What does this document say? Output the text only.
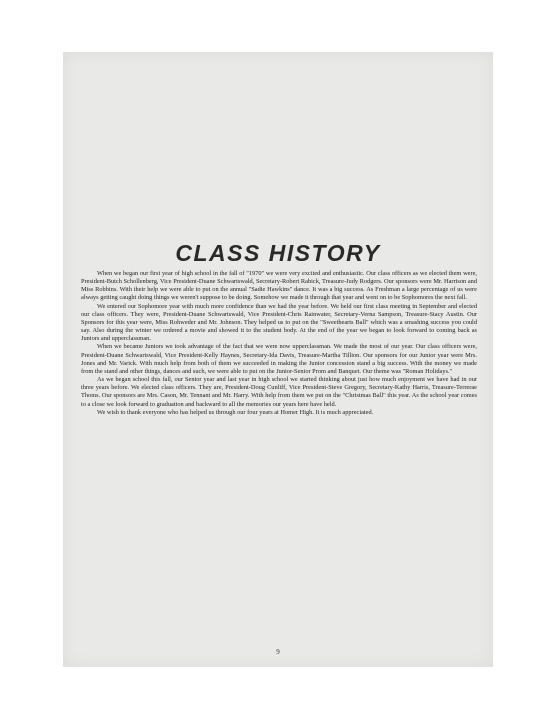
CLASS HISTORY

When we began our first year of high school in the fall of "1970" we were very excited and enthusiastic. Our class officers as we elected them were, President-Butch Schollenberg, Vice President-Duane Schwartswald, Secretary-Robert Rabick, Treasure-Judy Rodgers. Our sponsors were Mr. Harrison and Miss Robbins. With their help we were able to put on the annual "Sadie Hawkins" dance. It was a big success. As Freshman a large percentage of us were always getting caught doing things we weren't suppose to be doing. Somehow we made it through that year and went on to be Sophomores the next fall.

We entered our Sophomore year with much more confidence than we had the year before. We held our first class meeting in September and elected our class officers. They were, President-Duane Schwartswald, Vice President-Chris Rainwater, Secretary-Verna Sampson, Treasure-Stacy Austin. Our Sponsors for this year were, Miss Rohweder and Mr. Johnson. They helped us to put on the "Sweethearts Ball" which was a smashing success you could say. Also during the winter we ordered a movie and showed it to the student body. At the end of the year we began to look forward to coming back as Juniors and upperclassman.

When we became Juniors we took advantage of the fact that we were now upperclassman. We made the most of our year. Our class officers were, President-Duane Schwartswald, Vice President-Kelly Haynes, Secretary-Ida Davis, Treasure-Martha Tillion. Our sponsors for our Junior year were Mrs. Jones and Mr. Varick. With much help from both of them we succeeded in making the Junior concession stand a big success. With the money we made from the stand and other things, dances and such, we were able to put on the Junior-Senior Prom and Banquet. Our theme was "Roman Holidays."

As we began school this fall, our Senior year and last year in high school we started thinking about just how much enjoyment we have had in our three years before. We elected class officers. They are, President-Doug Cunliff, Vice President-Steve Gregory, Secretary-Kathy Harris, Treasure-Terrerae Thoms. Our sponsors are Mrs. Cason, Mr. Tennant and Mr. Harry. With help from them we put on the "Christmas Ball" this year. As the school year comes to a close we look forward to graduation and backward to all the memories our years here have held.

We wish to thank everyone who has helped us through our four years at Homer High. It is much appreciated.

9
